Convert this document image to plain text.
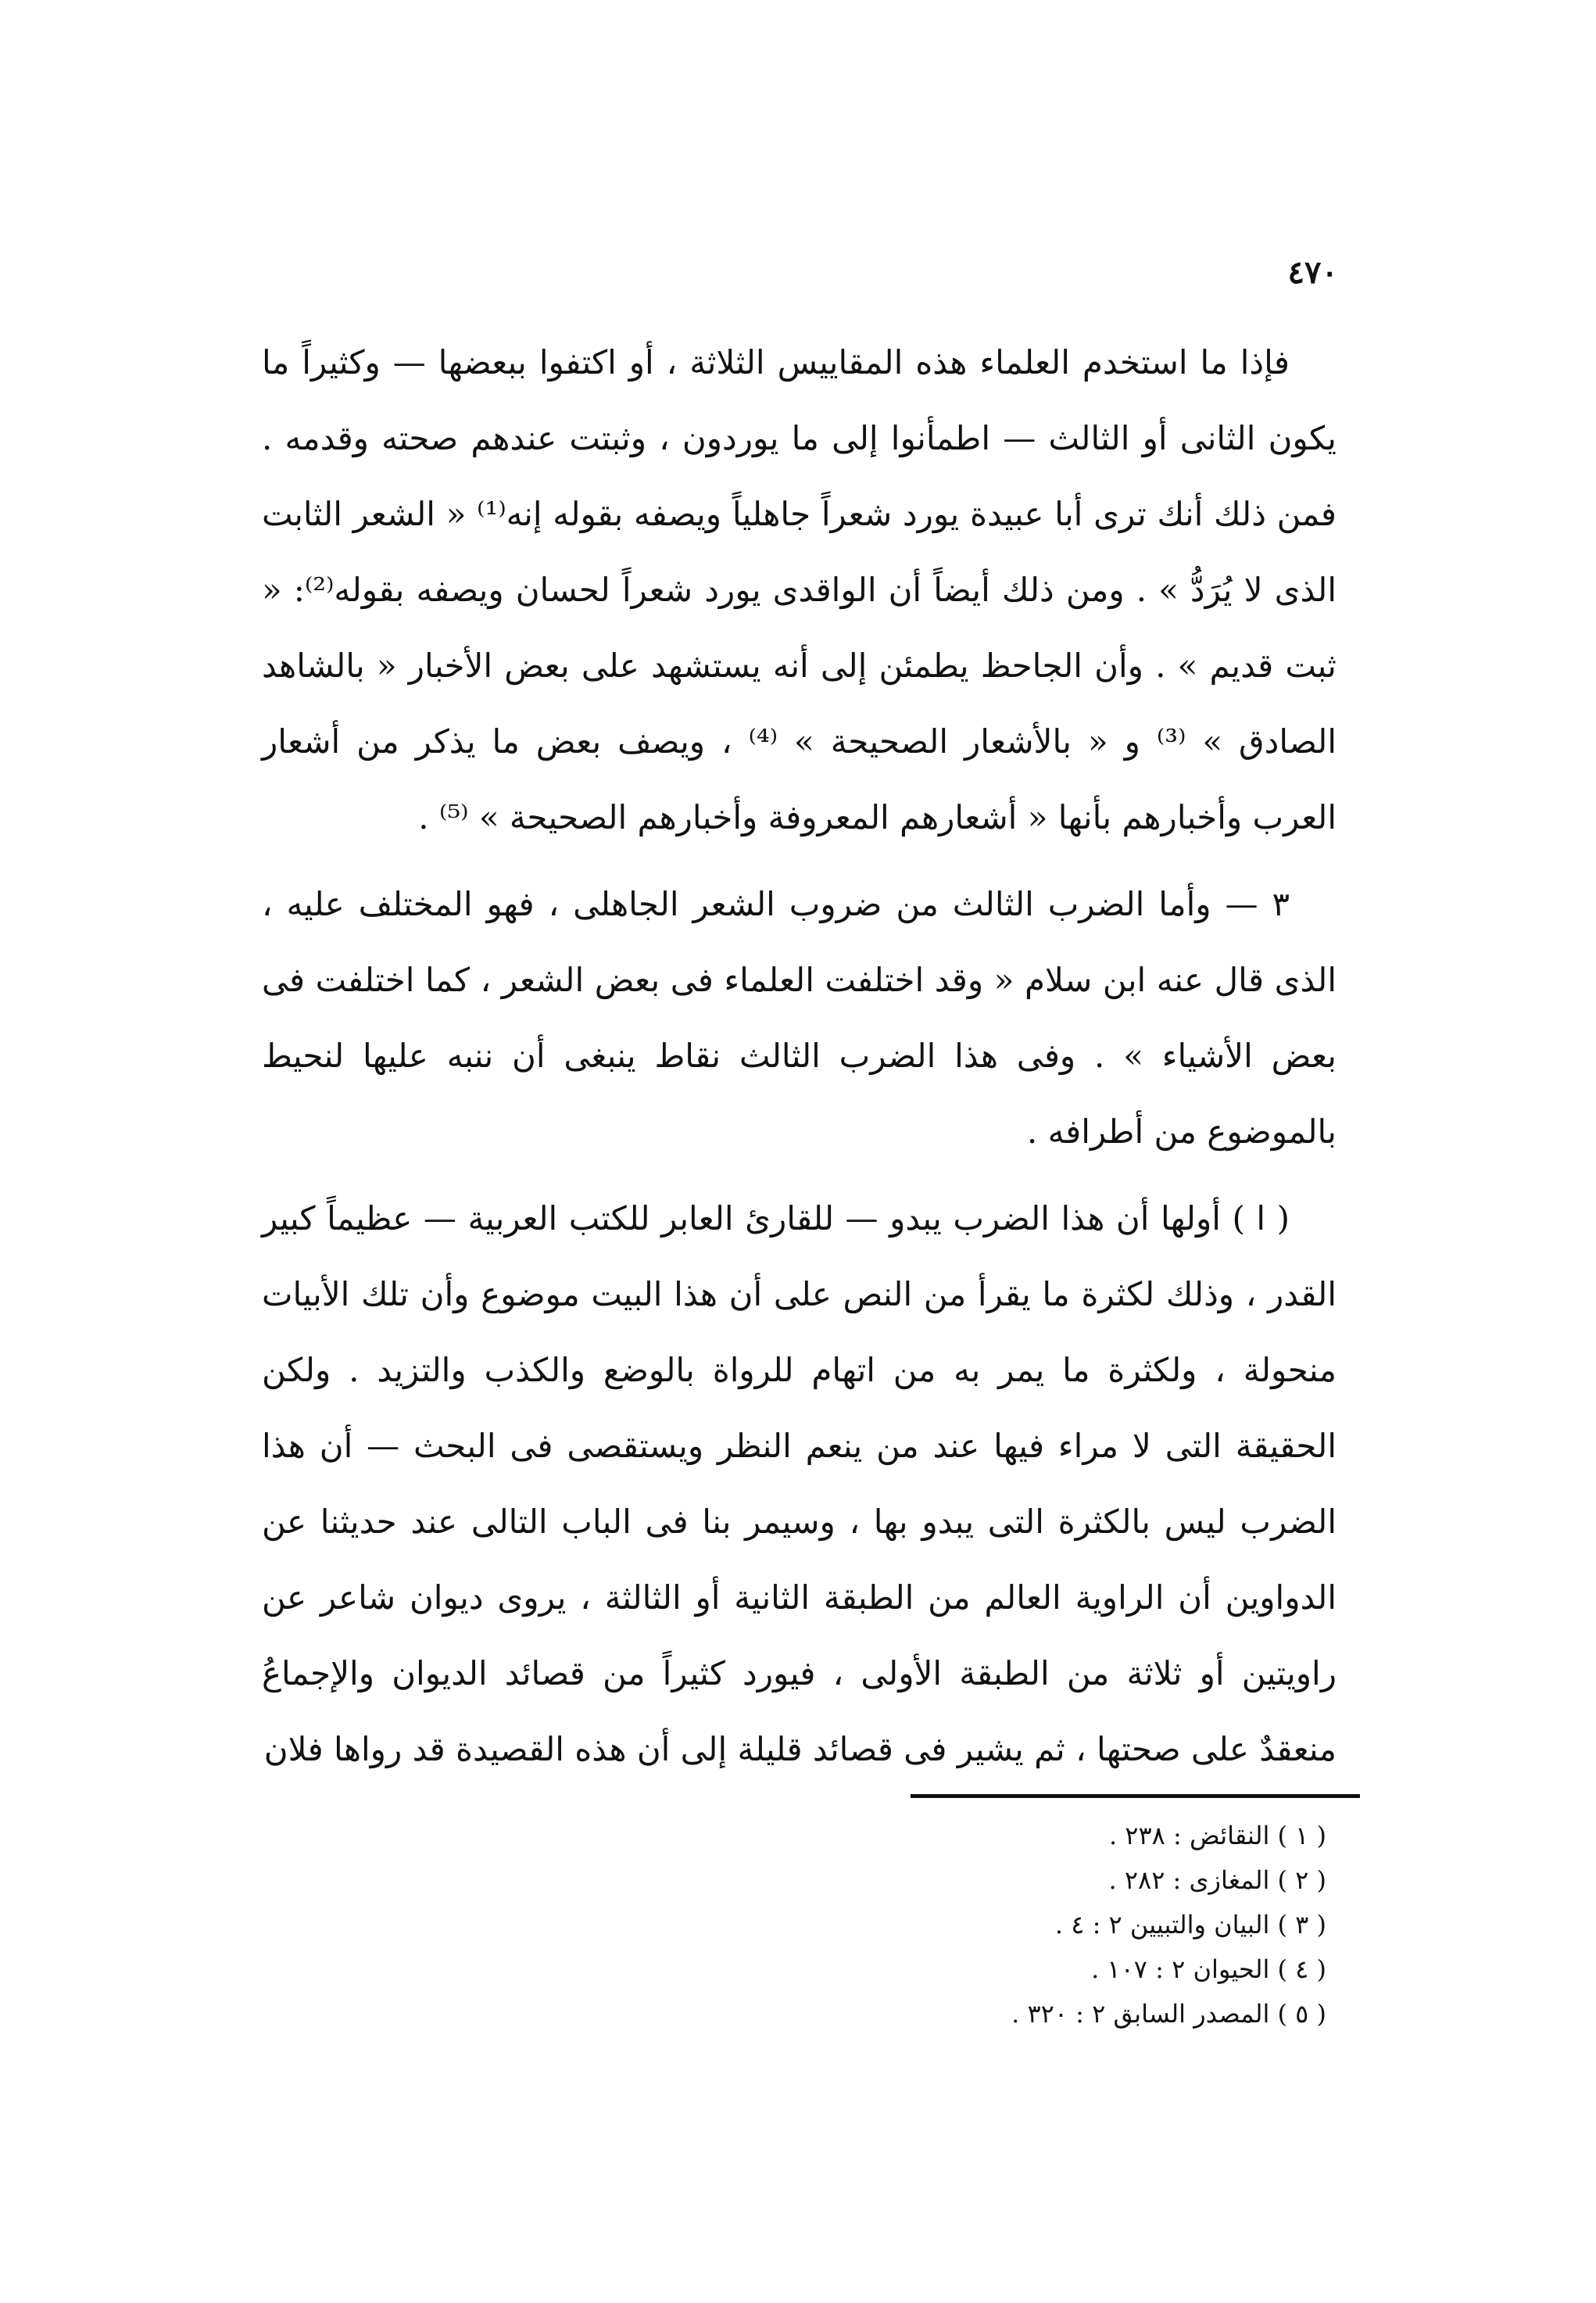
٤٧٠

فإذا ما استخدم العلماء هذه المقاييس الثلاثة ، أو اكتفوا ببعضها — وكثيراً ما يكون الثانى أو الثالث — اطمأنوا إلى ما يوردون ، وثبتت عندهم صحته وقدمه . فمن ذلك أنك ترى أبا عبيدة يورد شعراً جاهلياً ويصفه بقوله إنه⁽¹⁾ « الشعر الثابت الذى لا يُرَدُّ » . ومن ذلك أيضاً أن الواقدى يورد شعراً لحسان ويصفه بقوله⁽²⁾: « ثبت قديم » . وأن الجاحظ يطمئن إلى أنه يستشهد على بعض الأخبار « بالشاهد الصادق » ⁽³⁾ و « بالأشعار الصحيحة » ⁽⁴⁾ ، ويصف بعض ما يذكر من أشعار العرب وأخبارهم بأنها « أشعارهم المعروفة وأخبارهم الصحيحة » ⁽⁵⁾ .

٣ — وأما الضرب الثالث من ضروب الشعر الجاهلى ، فهو المختلف عليه ، الذى قال عنه ابن سلام « وقد اختلفت العلماء فى بعض الشعر ، كما اختلفت فى بعض الأشياء » . وفى هذا الضرب الثالث نقاط ينبغى أن ننبه عليها لنحيط بالموضوع من أطرافه .

( ا ) أولها أن هذا الضرب يبدو — للقارئ العابر للكتب العربية — عظيماً كبير القدر ، وذلك لكثرة ما يقرأ من النص على أن هذا البيت موضوع وأن تلك الأبيات منحولة ، ولكثرة ما يمر به من اتهام للرواة بالوضع والكذب والتزيد . ولكن الحقيقة التى لا مراء فيها عند من ينعم النظر ويستقصى فى البحث — أن هذا الضرب ليس بالكثرة التى يبدو بها ، وسيمر بنا فى الباب التالى عند حديثنا عن الدواوين أن الراوية العالم من الطبقة الثانية أو الثالثة ، يروى ديوان شاعر عن راويتين أو ثلاثة من الطبقة الأولى ، فيورد كثيراً من قصائد الديوان والإجماعُ منعقدٌ على صحتها ، ثم يشير فى قصائد قليلة إلى أن هذه القصيدة قد رواها فلان

( ١ ) النقائض : ٢٣٨ .
( ٢ ) المغازى : ٢٨٢ .
( ٣ ) البيان والتبيين ٢ : ٤ .
( ٤ ) الحيوان ٢ : ١٠٧ .
( ٥ ) المصدر السابق ٢ : ٣٢٠ .
